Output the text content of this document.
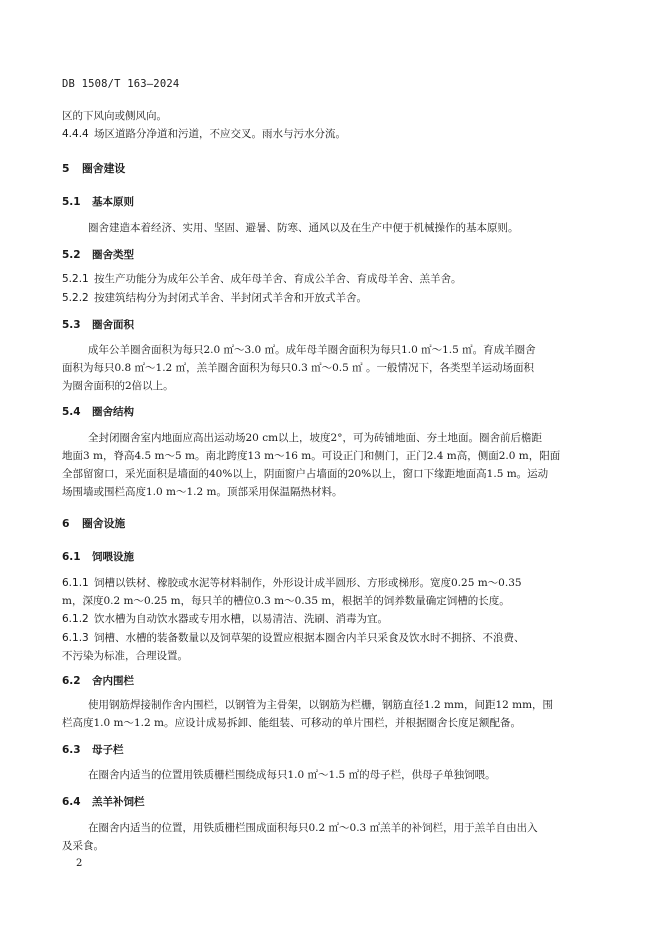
DB 1508/T 163—2024
区的下风向或侧风向。
4.4.4 场区道路分净道和污道，不应交叉。雨水与污水分流。
5 圈舍建设
5.1 基本原则
圈舍建造本着经济、实用、坚固、避暑、防寒、通风以及在生产中便于机械操作的基本原则。
5.2 圈舍类型
5.2.1 按生产功能分为成年公羊舍、成年母羊舍、育成公羊舍、育成母羊舍、羔羊舍。
5.2.2 按建筑结构分为封闭式羊舍、半封闭式羊舍和开放式羊舍。
5.3 圈舍面积
成年公羊圈舍面积为每只2.0 ㎡～3.0 ㎡。成年母羊圈舍面积为每只1.0 ㎡～1.5 ㎡。育成羊圈舍
面积为每只0.8 ㎡～1.2 ㎡，羔羊圈舍面积为每只0.3 ㎡～0.5 ㎡ 。一般情况下，各类型羊运动场面积
为圈舍面积的2倍以上。
5.4 圈舍结构
全封闭圈舍室内地面应高出运动场20 cm以上，坡度2°，可为砖铺地面、夯土地面。圈舍前后檐距
地面3 m，脊高4.5 m～5 m。南北跨度13 m～16 m。可设正门和侧门，正门2.4 m高，侧面2.0 m，阳面
全部留窗口，采光面积是墙面的40%以上，阴面窗户占墙面的20%以上，窗口下缘距地面高1.5 m。运动
场围墙或围栏高度1.0 m～1.2 m。顶部采用保温隔热材料。
6 圈舍设施
6.1 饲喂设施
6.1.1 饲槽以铁材、橡胶或水泥等材料制作，外形设计成半圆形、方形或梯形。宽度0.25 m～0.35
m，深度0.2 m～0.25 m，每只羊的槽位0.3 m～0.35 m，根据羊的饲养数量确定饲槽的长度。
6.1.2 饮水槽为自动饮水器或专用水槽，以易清洁、洗刷、消毒为宜。
6.1.3 饲槽、水槽的装备数量以及饲草架的设置应根据本圈舍内羊只采食及饮水时不拥挤、不浪费、
不污染为标准，合理设置。
6.2 舍内围栏
使用钢筋焊接制作舍内围栏，以钢管为主骨架，以钢筋为栏栅，钢筋直径1.2 mm，间距12 mm，围
栏高度1.0 m～1.2 m。应设计成易拆卸、能组装、可移动的单片围栏，并根据圈舍长度足额配备。
6.3 母子栏
在圈舍内适当的位置用铁质栅栏围绕成每只1.0 ㎡～1.5 ㎡的母子栏，供母子单独饲喂。
6.4 羔羊补饲栏
在圈舍内适当的位置，用铁质栅栏围成面积每只0.2 ㎡～0.3 ㎡羔羊的补饲栏，用于羔羊自由出入
及采食。
2
